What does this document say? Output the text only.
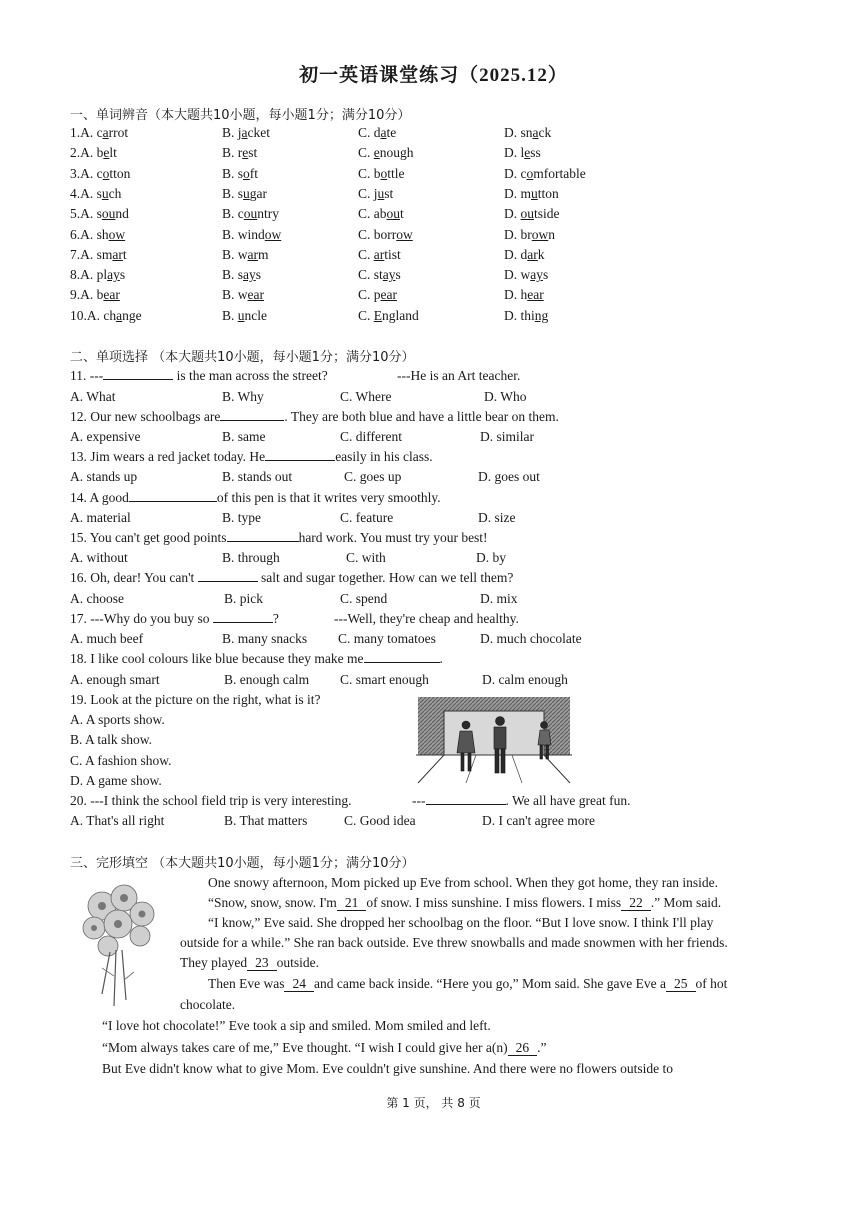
初一英语课堂练习（2025.12）
一、单词辨音（本大题共10小题，每小题1分；满分10分）
1.A. carrot	B. jacket	C. date	D. snack
2.A. belt	B. rest	C. enough	D. less
3.A. cotton	B. soft	C. bottle	D. comfortable
4.A. such	B. sugar	C. just	D. mutton
5.A. sound	B. country	C. about	D. outside
6.A. show	B. window	C. borrow	D. brown
7.A. smart	B. warm	C. artist	D. dark
8.A. plays	B. says	C. stays	D. ways
9.A. bear	B. wear	C. pear	D. hear
10.A. change	B. uncle	C. England	D. thing
二、单项选择 （本大题共10小题，每小题1分；满分10分）
11. ---	is the man across the street?	---He is an Art teacher.
A. What	B. Why	C. Where	D. Who
12. Our new schoolbags are	. They are both blue and have a little bear on them.
A. expensive	B. same	C. different	D. similar
13. Jim wears a red jacket today. He	easily in his class.
A. stands up	B. stands out	C. goes up	D. goes out
14. A good	of this pen is that it writes very smoothly.
A. material	B. type	C. feature	D. size
15. You can't get good points	hard work. You must try your best!
A. without	B. through	C. with	D. by
16. Oh, dear! You can't	salt and sugar together. How can we tell them?
A. choose	B. pick	C. spend	D. mix
17. ---Why do you buy so	?	---Well, they're cheap and healthy.
A. much beef	B. many snacks C. many tomatoes	D. much chocolate
18. I like cool colours like blue because they make me	.
A. enough smart	B. enough calm C. smart enough	D. calm enough
19. Look at the picture on the right, what is it?
A. A sports show.
B. A talk show.
C. A fashion show.
D. A game show.
20. ---I think the school field trip is very interesting.	---	. We all have great fun.
A. That's all right	B. That matters	C. Good idea	D. I can't agree more
三、完形填空 （本大题共10小题，每小题1分；满分10分）
One snowy afternoon, Mom picked up Eve from school. When they got home, they ran inside.
“Snow, snow, snow. I'm 21 of snow. I miss sunshine. I miss flowers. I miss 22 .” Mom said.
“I know,” Eve said. She dropped her schoolbag on the floor. “But I love snow. I think I'll play
outside for a while.” She ran back outside. Eve threw snowballs and made snowmen with her friends.
They played 23 outside.
Then Eve was 24 and came back inside. “Here you go,” Mom said. She gave Eve a 25 of hot
chocolate.
“I love hot chocolate!” Eve took a sip and smiled. Mom smiled and left.
“Mom always takes care of me,” Eve thought. “I wish I could give her a(n) 26 .”
But Eve didn't know what to give Mom. Eve couldn't give sunshine. And there were no flowers outside to
第 1 页， 共 8 页
